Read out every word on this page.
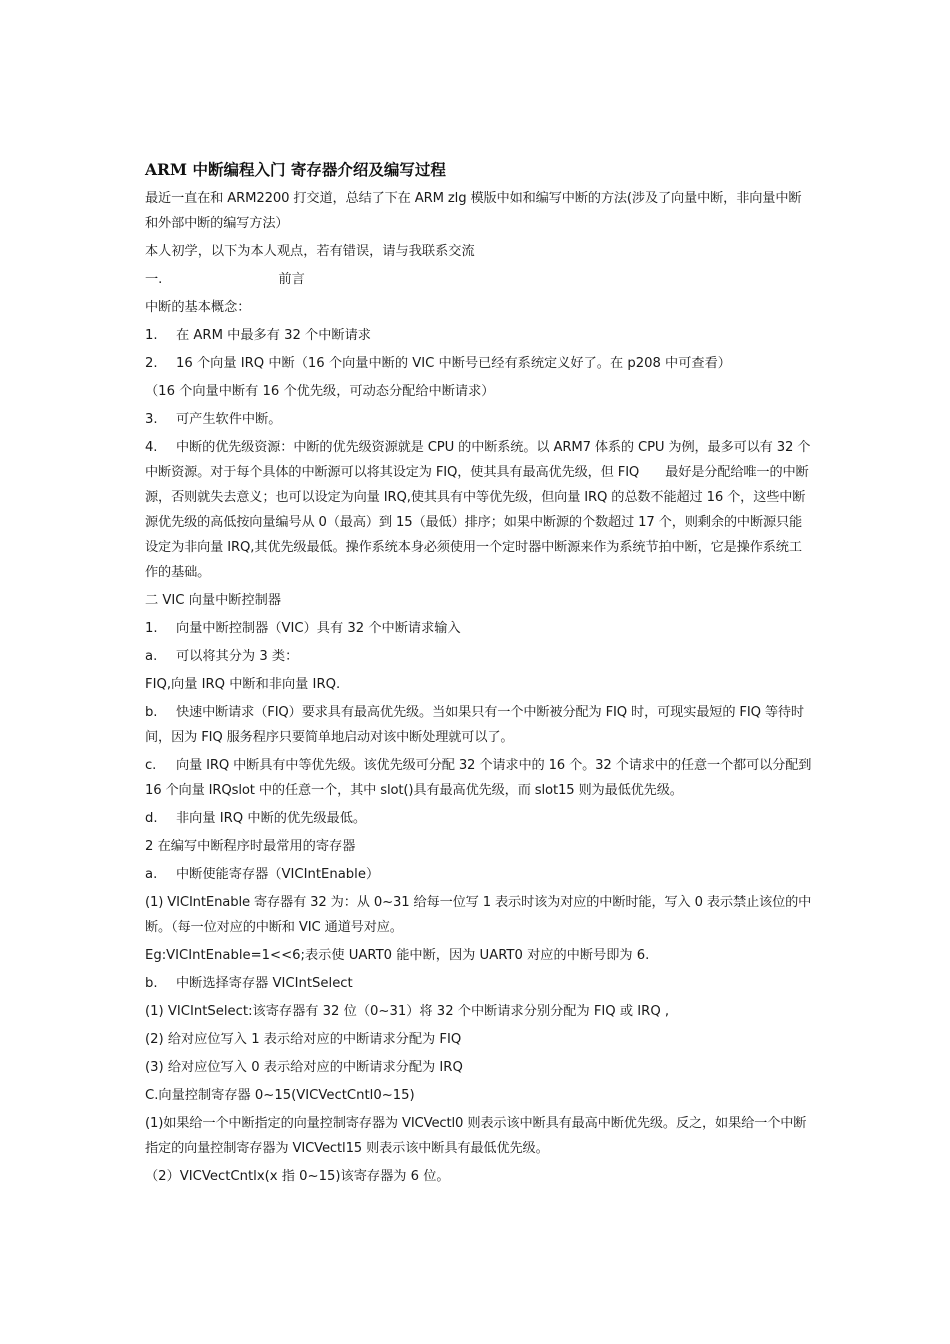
ARM 中断编程入门 寄存器介绍及编写过程

最近一直在和 ARM2200 打交道，总结了下在 ARM zlg 模版中如和编写中断的方法(涉及了向量中断，非向量中断和外部中断的编写方法）

本人初学，以下为本人观点，若有错误，请与我联系交流

一.	前言

中断的基本概念：

1. 在 ARM 中最多有 32 个中断请求

2. 16 个向量 IRQ 中断（16 个向量中断的 VIC 中断号已经有系统定义好了。在 p208 中可查看）

（16 个向量中断有 16 个优先级，可动态分配给中断请求）

3. 可产生软件中断。

4. 中断的优先级资源：中断的优先级资源就是 CPU 的中断系统。以 ARM7 体系的 CPU 为例，最多可以有 32 个中断资源。对于每个具体的中断源可以将其设定为 FIQ，使其具有最高优先级，但 FIQ 最好是分配给唯一的中断源，否则就失去意义；也可以设定为向量 IRQ,使其具有中等优先级，但向量 IRQ 的总数不能超过 16 个，这些中断源优先级的高低按向量编号从 0（最高）到 15（最低）排序；如果中断源的个数超过 17 个，则剩余的中断源只能设定为非向量 IRQ,其优先级最低。操作系统本身必须使用一个定时器中断源来作为系统节拍中断，它是操作系统工作的基础。

二 VIC 向量中断控制器

1. 向量中断控制器（VIC）具有 32 个中断请求输入

a. 可以将其分为 3 类：

FIQ,向量 IRQ 中断和非向量 IRQ.

b. 快速中断请求（FIQ）要求具有最高优先级。当如果只有一个中断被分配为 FIQ 时，可现实最短的 FIQ 等待时间，因为 FIQ 服务程序只要简单地启动对该中断处理就可以了。

c. 向量 IRQ 中断具有中等优先级。该优先级可分配 32 个请求中的 16 个。32 个请求中的任意一个都可以分配到 16 个向量 IRQslot 中的任意一个，其中 slot()具有最高优先级，而 slot15 则为最低优先级。

d. 非向量 IRQ 中断的优先级最低。

2 在编写中断程序时最常用的寄存器

a. 中断使能寄存器（VICIntEnable）

(1) VICIntEnable 寄存器有 32 为：从 0~31 给每一位写 1 表示时该为对应的中断时能，写入 0 表示禁止该位的中断。（每一位对应的中断和 VIC 通道号对应。

Eg:VICIntEnable=1<<6;表示使 UART0 能中断，因为 UART0 对应的中断号即为 6.

b. 中断选择寄存器 VICIntSelect

(1) VICIntSelect:该寄存器有 32 位（0~31）将 32 个中断请求分别分配为 FIQ 或 IRQ ,

(2) 给对应位写入 1 表示给对应的中断请求分配为 FIQ

(3) 给对应位写入 0 表示给对应的中断请求分配为 IRQ

C.向量控制寄存器 0~15(VICVectCntl0~15)

(1)如果给一个中断指定的向量控制寄存器为 VICVectl0 则表示该中断具有最高中断优先级。反之，如果给一个中断指定的向量控制寄存器为 VICVectl15 则表示该中断具有最低优先级。

（2）VICVectCntlx(x 指 0~15)该寄存器为 6 位。
